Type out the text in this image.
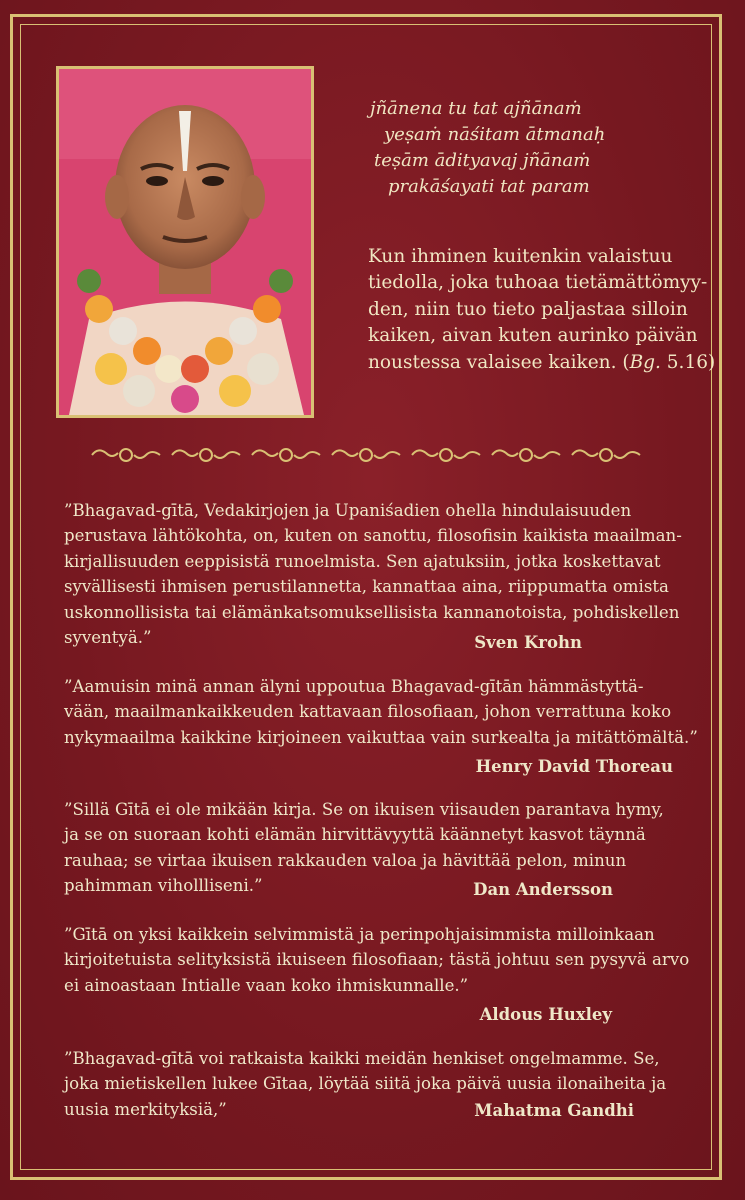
jñānena tu tat ajñānaṁ
yeṣaṁ nāśitam ātmanaḥ
teṣām ādityavaj jñānaṁ
prakāśayati tat param
Kun ihminen kuitenkin valaistuu
tiedolla, joka tuhoaa tietämättömyy-
den, niin tuo tieto paljastaa silloin
kaiken, aivan kuten aurinko päivän
noustessa valaisee kaiken. (Bg. 5.16)
”Bhagavad-gītā, Vedakirjojen ja Upaniśadien ohella hindulaisuuden
perustava lähtökohta, on, kuten on sanottu, filosofisin kaikista maailman-
kirjallisuuden eeppisistä runoelmista. Sen ajatuksiin, jotka koskettavat
syvällisesti ihmisen perustilannetta, kannattaa aina, riippumatta omista
uskonnollisista tai elämänkatsomuksellisista kannanotoista, pohdiskellen
syventyä.”	Sven Krohn
”Aamuisin minä annan älyni uppoutua Bhagavad-gītān hämmästyttä-
vään, maailmankaikkeuden kattavaan filosofiaan, johon verrattuna koko
nykymaailma kaikkine kirjoineen vaikuttaa vain surkealta ja mitättömältä.”
Henry David Thoreau
”Sillä Gītā ei ole mikään kirja. Se on ikuisen viisauden parantava hymy,
ja se on suoraan kohti elämän hirvittävyyttä käännetyt kasvot täynnä
rauhaa; se virtaa ikuisen rakkauden valoa ja hävittää pelon, minun
pahimman vihollliseni.”	Dan Andersson
”Gītā on yksi kaikkein selvimmistä ja perinpohjaisimmista milloinkaan
kirjoitetuista selityksistä ikuiseen filosofiaan; tästä johtuu sen pysyvä arvo
ei ainoastaan Intialle vaan koko ihmiskunnalle.”
Aldous Huxley
”Bhagavad-gītā voi ratkaista kaikki meidän henkiset ongelmamme. Se,
joka mietiskellen lukee Gītaa, löytää siitä joka päivä uusia ilonaiheita ja
uusia merkityksiä,”	Mahatma Gandhi
